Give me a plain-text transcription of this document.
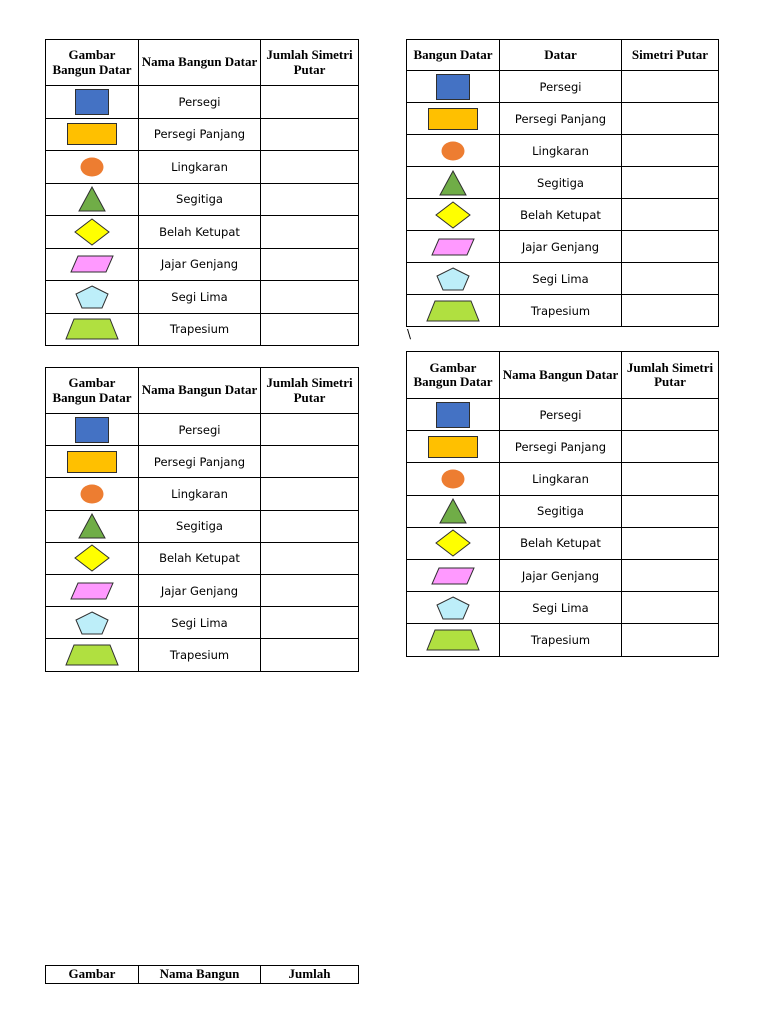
Gambar Bangun Datar	Nama Bangun Datar	Jumlah Simetri Putar

	Persegi	

	Persegi Panjang	

	Lingkaran	

	Segitiga	

	Belah Ketupat	

	Jajar Genjang	

	Segi Lima	

	Trapesium	
Bangun Datar	Datar	Simetri Putar

	Persegi	

	Persegi Panjang	

	Lingkaran	

	Segitiga	

	Belah Ketupat	

	Jajar Genjang	

	Segi Lima	

	Trapesium	
\
Gambar Bangun Datar	Nama Bangun Datar	Jumlah Simetri Putar

	Persegi	

	Persegi Panjang	

	Lingkaran	

	Segitiga	

	Belah Ketupat	

	Jajar Genjang	

	Segi Lima	

	Trapesium	
Gambar Bangun Datar	Nama Bangun Datar	Jumlah Simetri Putar

	Persegi	

	Persegi Panjang	

	Lingkaran	

	Segitiga	

	Belah Ketupat	

	Jajar Genjang	

	Segi Lima	

	Trapesium	
Gambar	Nama Bangun	Jumlah
